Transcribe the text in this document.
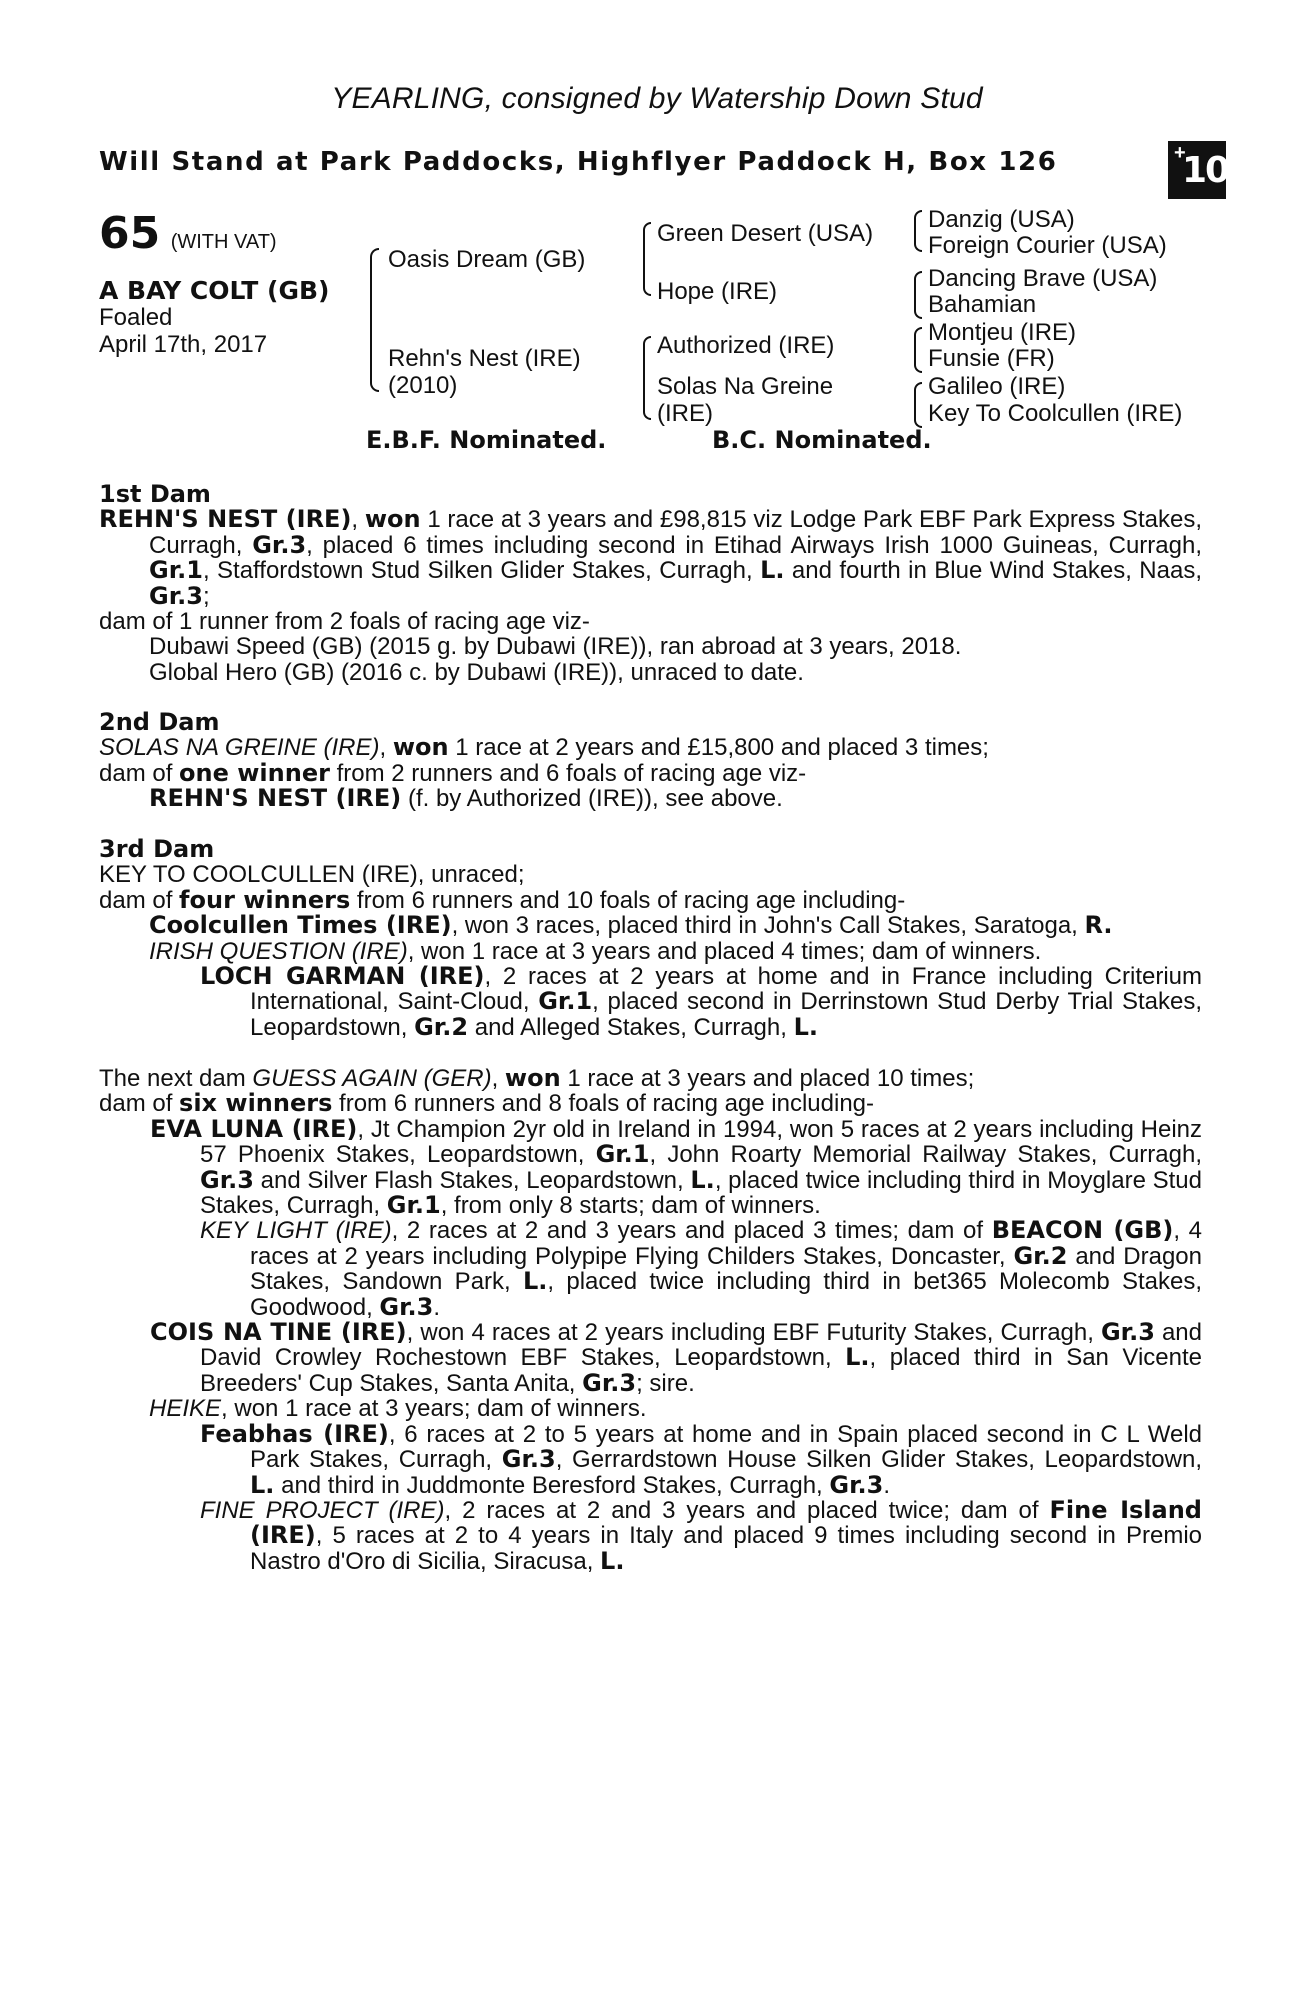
YEARLING, consigned by Watership Down Stud
Will Stand at Park Paddocks, Highflyer Paddock H, Box 126	+
10
65 (WITH VAT)
A BAY COLT (GB)
Foaled
April 17th, 2017
Oasis Dream (GB)
Rehn's Nest (IRE)
(2010)
Green Desert (USA)
Hope (IRE)
Authorized (IRE)
Solas Na Greine
(IRE)
Danzig (USA)
Foreign Courier (USA)
Dancing Brave (USA)
Bahamian
Montjeu (IRE)
Funsie (FR)
Galileo (IRE)
Key To Coolcullen (IRE)
E.B.F. Nominated.	B.C. Nominated.
1st Dam
REHN'S NEST (IRE), won 1 race at 3 years and £98,815 viz Lodge Park EBF Park Express Stakes, Curragh, Gr.3, placed 6 times including second in Etihad Airways Irish 1000 Guineas, Curragh, Gr.1, Staffordstown Stud Silken Glider Stakes, Curragh, L. and fourth in Blue Wind Stakes, Naas, Gr.3;
dam of 1 runner from 2 foals of racing age viz-
Dubawi Speed (GB) (2015 g. by Dubawi (IRE)), ran abroad at 3 years, 2018.
Global Hero (GB) (2016 c. by Dubawi (IRE)), unraced to date.
2nd Dam
SOLAS NA GREINE (IRE), won 1 race at 2 years and £15,800 and placed 3 times;
dam of one winner from 2 runners and 6 foals of racing age viz-
REHN'S NEST (IRE) (f. by Authorized (IRE)), see above.
3rd Dam
KEY TO COOLCULLEN (IRE), unraced;
dam of four winners from 6 runners and 10 foals of racing age including-
Coolcullen Times (IRE), won 3 races, placed third in John's Call Stakes, Saratoga, R.
IRISH QUESTION (IRE), won 1 race at 3 years and placed 4 times; dam of winners.
LOCH GARMAN (IRE), 2 races at 2 years at home and in France including Criterium International, Saint-Cloud, Gr.1, placed second in Derrinstown Stud Derby Trial Stakes, Leopardstown, Gr.2 and Alleged Stakes, Curragh, L.
The next dam GUESS AGAIN (GER), won 1 race at 3 years and placed 10 times;
dam of six winners from 6 runners and 8 foals of racing age including-
EVA LUNA (IRE), Jt Champion 2yr old in Ireland in 1994, won 5 races at 2 years including Heinz 57 Phoenix Stakes, Leopardstown, Gr.1, John Roarty Memorial Railway Stakes, Curragh, Gr.3 and Silver Flash Stakes, Leopardstown, L., placed twice including third in Moyglare Stud Stakes, Curragh, Gr.1, from only 8 starts; dam of winners.
KEY LIGHT (IRE), 2 races at 2 and 3 years and placed 3 times; dam of BEACON (GB), 4 races at 2 years including Polypipe Flying Childers Stakes, Doncaster, Gr.2 and Dragon Stakes, Sandown Park, L., placed twice including third in bet365 Molecomb Stakes, Goodwood, Gr.3.
COIS NA TINE (IRE), won 4 races at 2 years including EBF Futurity Stakes, Curragh, Gr.3 and David Crowley Rochestown EBF Stakes, Leopardstown, L., placed third in San Vicente Breeders' Cup Stakes, Santa Anita, Gr.3; sire.
HEIKE, won 1 race at 3 years; dam of winners.
Feabhas (IRE), 6 races at 2 to 5 years at home and in Spain placed second in C L Weld Park Stakes, Curragh, Gr.3, Gerrardstown House Silken Glider Stakes, Leopardstown, L. and third in Juddmonte Beresford Stakes, Curragh, Gr.3.
FINE PROJECT (IRE), 2 races at 2 and 3 years and placed twice; dam of Fine Island (IRE), 5 races at 2 to 4 years in Italy and placed 9 times including second in Premio Nastro d'Oro di Sicilia, Siracusa, L.
